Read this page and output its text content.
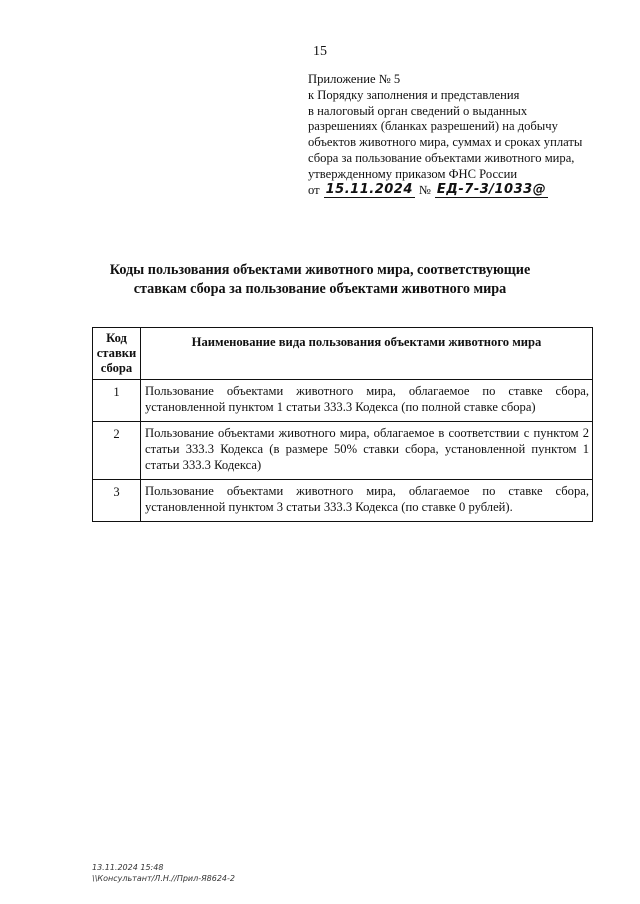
15
Приложение № 5
к Порядку заполнения и представления
в налоговый орган сведений о выданных
разрешениях (бланках разрешений) на добычу
объектов животного мира, суммах и сроках уплаты
сбора за пользование объектами животного мира,
утвержденному приказом ФНС России
от 15.11.2024 № ЕД-7-3/1033@
Коды пользования объектами животного мира, соответствующие
ставкам сбора за пользование объектами животного мира
Код ставки сбора	Наименование вида пользования объектами животного мира
1	Пользование объектами животного мира, облагаемое по ставке сбора, установленной пунктом 1 статьи 333.3 Кодекса (по полной ставке сбора)
2	Пользование объектами животного мира, облагаемое в соответствии с пунктом 2 статьи 333.3 Кодекса (в размере 50% ставки сбора, установленной пунктом 1 статьи 333.3 Кодекса)
3	Пользование объектами животного мира, облагаемое по ставке сбора, установленной пунктом 3 статьи 333.3 Кодекса (по ставке 0 рублей).
13.11.2024 15:48
\\Консультант/Л.Н.//Прил-Я8624-2
